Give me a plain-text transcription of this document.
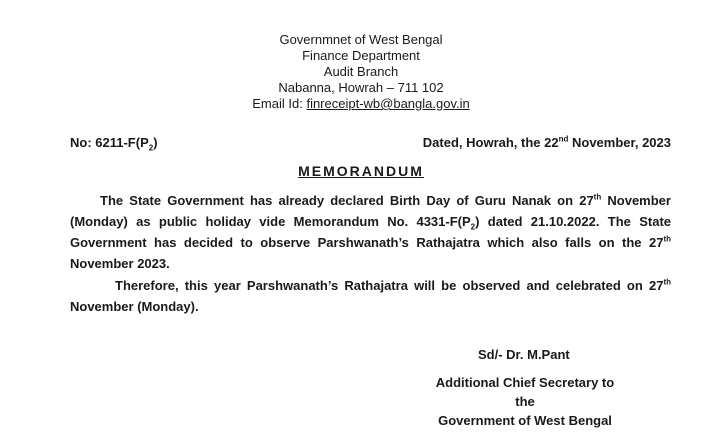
Governmnet of West Bengal
Finance Department
Audit Branch
Nabanna, Howrah – 711 102
Email Id: finreceipt-wb@bangla.gov.in
No: $6211-F(P_2)$	Dated, Howrah, the 22nd November, 2023
MEMORANDUM
The State Government has already declared Birth Day of Guru Nanak on 27th November (Monday) as public holiday vide Memorandum No. $4331-F(P_2)$ dated 21.10.2022. The State Government has decided to observe Parshwanath’s Rathajatra which also falls on the 27th November 2023.
Therefore, this year Parshwanath’s Rathajatra will be observed and celebrated on 27th November (Monday).
Sd/- Dr. M.Pant
Additional Chief Secretary to the
Government of West Bengal
